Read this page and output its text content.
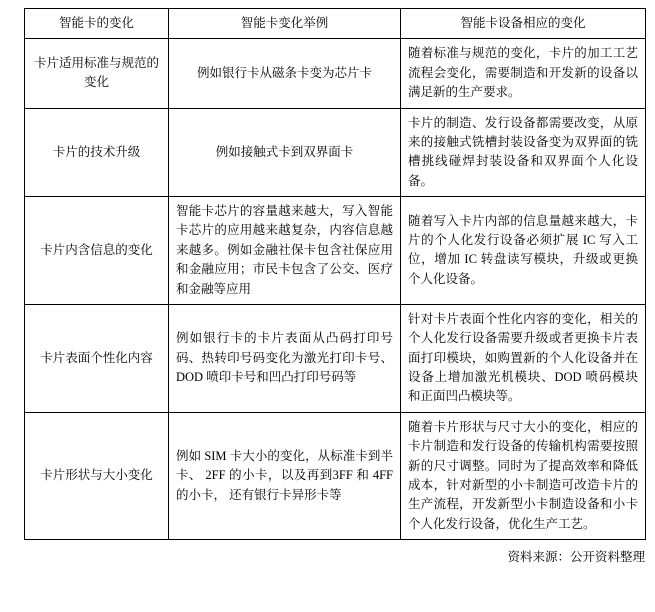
智能卡的变化	智能卡变化举例	智能卡设备相应的变化
卡片适用标准与规范的变化	例如银行卡从磁条卡变为芯片卡	随着标准与规范的变化，卡片的加工工艺流程会变化，需要制造和开发新的设备以满足新的生产要求。
卡片的技术升级	例如接触式卡到双界面卡	卡片的制造、发行设备都需要改变，从原来的接触式铣槽封装设备变为双界面的铣槽挑线碰焊封装设备和双界面个人化设备。
卡片内含信息的变化	智能卡芯片的容量越来越大，写入智能卡芯片的应用越来越复杂，内容信息越来越多。例如金融社保卡包含社保应用和金融应用；市民卡包含了公交、医疗和金融等应用	随着写入卡片内部的信息量越来越大，卡片的个人化发行设备必须扩展 IC 写入工位，增加 IC 转盘读写模块，升级或更换个人化设备。
卡片表面个性化内容	例如银行卡的卡片表面从凸码打印号码、热转印号码变化为激光打印卡号、 DOD 喷印卡号和凹凸打印号码等	针对卡片表面个性化内容的变化，相关的个人化发行设备需要升级或者更换卡片表面打印模块，如购置新的个人化设备并在设备上增加激光机模块、DOD 喷码模块和正面凹凸模块等。
卡片形状与大小变化	例如 SIM 卡大小的变化，从标准卡到半卡、 2FF 的小卡，以及再到3FF 和 4FF 的小卡， 还有银行卡异形卡等	随着卡片形状与尺寸大小的变化，相应的卡片制造和发行设备的传输机构需要按照新的尺寸调整。同时为了提高效率和降低成本，针对新型的小卡制造可改造卡片的生产流程，开发新型小卡制造设备和小卡个人化发行设备，优化生产工艺。
资料来源：公开资料整理
